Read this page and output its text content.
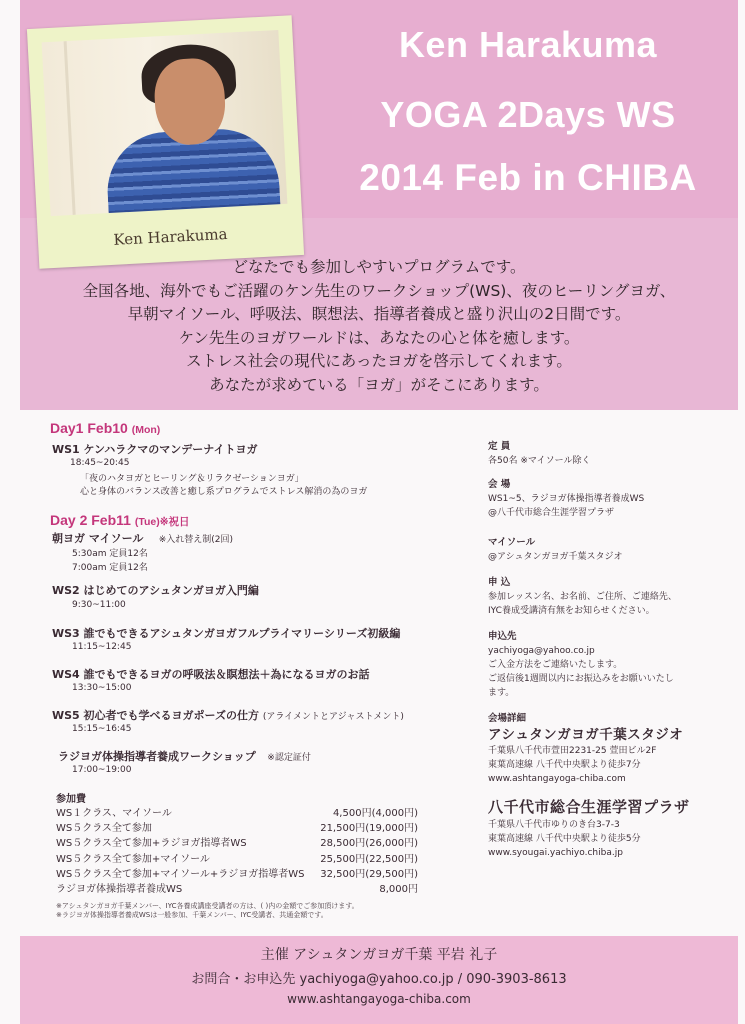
Ken Harakuma
Ken Harakuma
YOGA 2Days WS
2014 Feb in CHIBA
どなたでも参加しやすいプログラムです。
全国各地、海外でもご活躍のケン先生のワークショップ(WS)、夜のヒーリングヨガ、
早朝マイソール、呼吸法、瞑想法、指導者養成と盛り沢山の2日間です。
ケン先生のヨガワールドは、あなたの心と体を癒します。
ストレス社会の現代にあったヨガを啓示してくれます。
あなたが求めている「ヨガ」がそこにあります。
Day1 Feb10 (Mon)
WS1 ケンハラクマのマンデーナイトヨガ
18:45~20:45
「夜のハタヨガとヒーリング＆リラクゼーションヨガ」
心と身体のバランス改善と癒し系プログラムでストレス解消の為のヨガ
Day 2 Feb11 (Tue)※祝日
朝ヨガ マイソール ※入れ替え制(2回)
5:30am 定員12名
7:00am 定員12名
WS2 はじめてのアシュタンガヨガ入門編
9:30~11:00
WS3 誰でもできるアシュタンガヨガフルプライマリーシリーズ初級編
11:15~12:45
WS4 誰でもできるヨガの呼吸法＆瞑想法＋為になるヨガのお話
13:30~15:00
WS5 初心者でも学べるヨガポーズの仕方 (アライメントとアジャストメント)
15:15~16:45
ラジヨガ体操指導者養成ワークショップ ※認定証付
17:00~19:00
参加費
WS１クラス、マイソール	4,500円(4,000円)
WS５クラス全て参加	21,500円(19,000円)
WS５クラス全て参加+ラジヨガ指導者WS	28,500円(26,000円)
WS５クラス全て参加+マイソール	25,500円(22,500円)
WS５クラス全て参加+マイソール+ラジヨガ指導者WS 32,500円(29,500円)
ラジヨガ体操指導者養成WS	8,000円
※アシュタンガヨガ千葉メンバー、IYC各養成講座受講者の方は、( )内の金額でご参加頂けます。
※ラジヨガ体操指導者養成WSは一般参加、千葉メンバー、IYC受講者、共通金額です。
定 員
各50名 ※マイソール除く
会 場
WS1~5、ラジヨガ体操指導者養成WS
@八千代市総合生涯学習プラザ
マイソール
@アシュタンガヨガ千葉スタジオ
申 込
参加レッスン名、お名前、ご住所、ご連絡先、
IYC養成受講済有無をお知らせください。
申込先
yachiyoga@yahoo.co.jp
ご入金方法をご連絡いたします。
ご返信後1週間以内にお振込みをお願いいたし
ます。
会場詳細
アシュタンガヨガ千葉スタジオ
千葉県八千代市萱田2231-25 萱田ビル2F
東葉高速線 八千代中央駅より徒歩7分
www.ashtangayoga-chiba.com
八千代市総合生涯学習プラザ
千葉県八千代市ゆりのき台3-7-3
東葉高速線 八千代中央駅より徒歩5分
www.syougai.yachiyo.chiba.jp
主催 アシュタンガヨガ千葉 平岩 礼子
お問合・お申込先 yachiyoga@yahoo.co.jp / 090-3903-8613
www.ashtangayoga-chiba.com
